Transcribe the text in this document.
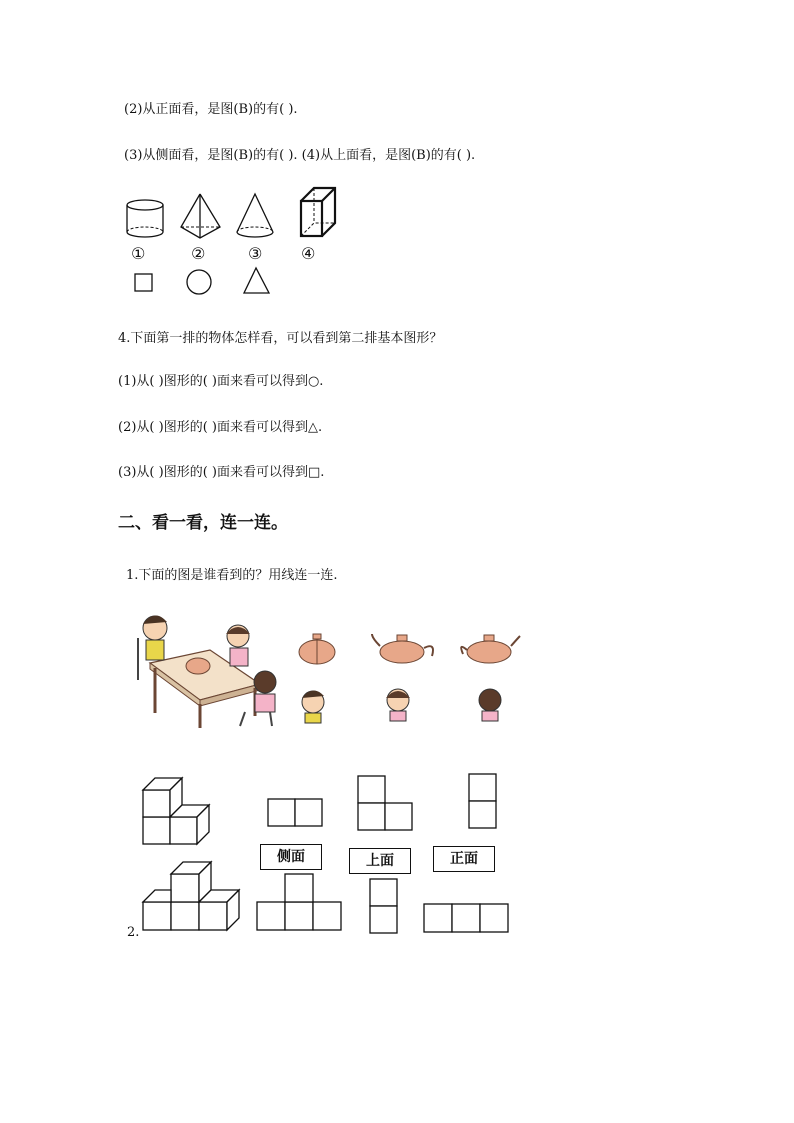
(2)从正面看，是图(B)的有( ).
(3)从侧面看，是图(B)的有( ). (4)从上面看，是图(B)的有( ).
①	②	③ ④
4.下面第一排的物体怎样看，可以看到第二排基本图形？
(1)从( )图形的( )面来看可以得到○.
(2)从( )图形的( )面来看可以得到△.
(3)从( )图形的( )面来看可以得到□.
二、看一看，连一连。
1.下面的图是谁看到的？用线连一连.
侧面	上面	正面
2.
